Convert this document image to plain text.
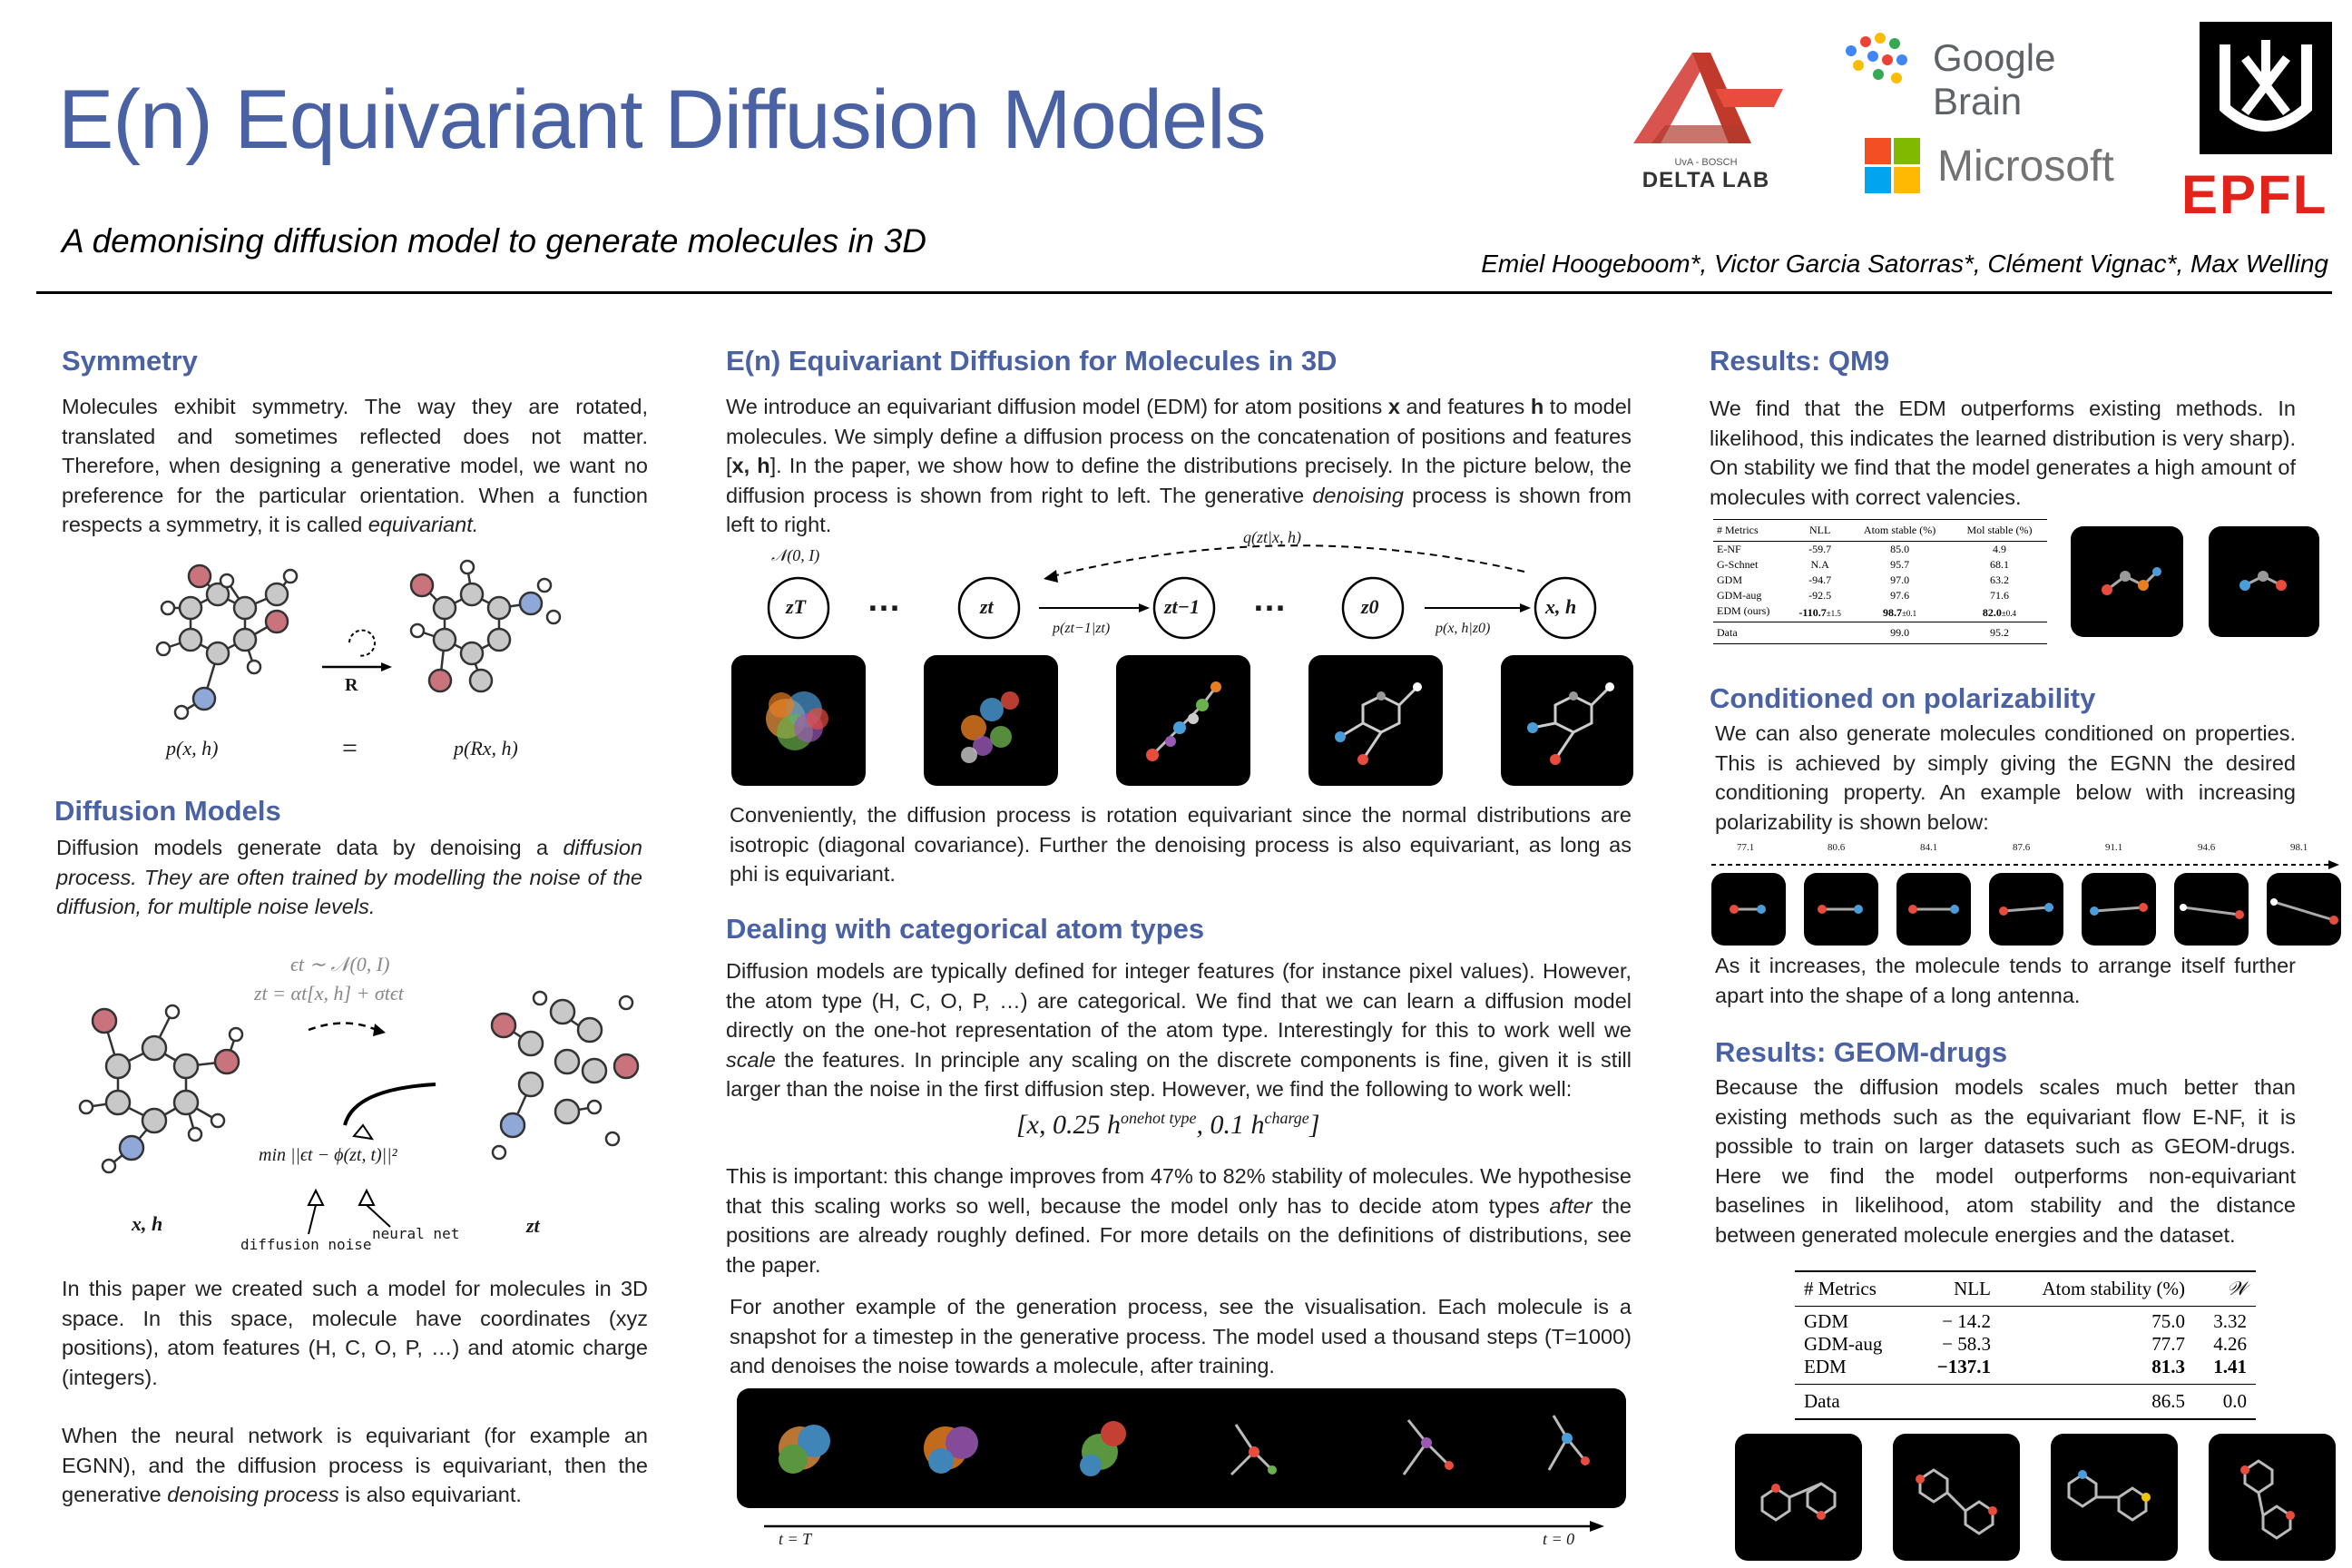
E(n) Equivariant Diffusion Models
A demonising diffusion model to generate molecules in 3D
Emiel Hoogeboom*, Victor Garcia Satorras*, Clément Vignac*, Max Welling
UvA - BOSCH
DELTA LAB
Google Brain
Microsoft EPFL
Symmetry
Molecules exhibit symmetry. The way they are rotated, translated and sometimes reflected does not matter. Therefore, when designing a generative model, we want no preference for the particular orientation. When a function respects a symmetry, it is called equivariant.
R
p(x, h)	=	p(Rx, h)
Diffusion Models
Diffusion models generate data by denoising a diffusion process. They are often trained by modelling the noise of the diffusion, for multiple noise levels.
ϵt ∼ 𝒩(0, I)
zt = αt[x, h] + σtϵt
min ||ϵt − ϕ(zt, t)||²
x, h	zt
diffusion noise
neural net
In this paper we created such a model for molecules in 3D space. In this space, molecule have coordinates (xyz positions), atom features (H, C, O, P, …) and atomic charge (integers).
When the neural network is equivariant (for example an EGNN), and the diffusion process is equivariant, then the generative denoising process is also equivariant.
E(n) Equivariant Diffusion for Molecules in 3D
We introduce an equivariant diffusion model (EDM) for atom positions x and features h to model molecules. We simply define a diffusion process on the concatenation of positions and features [x, h]. In the paper, we show how to define the distributions precisely. In the picture below, the diffusion process is shown from right to left. The generative denoising process is shown from left to right.
𝒩(0, I)
q(zt|x, h)
zT …	zt	zt−1 …	z0	x, h
p(zt−1|zt)	p(x, h|z0)
Conveniently, the diffusion process is rotation equivariant since the normal distributions are isotropic (diagonal covariance). Further the denoising process is also equivariant, as long as phi is equivariant.
Dealing with categorical atom types
Diffusion models are typically defined for integer features (for instance pixel values). However, the atom type (H, C, O, P, …) are categorical. We find that we can learn a diffusion model directly on the one-hot representation of the atom type. Interestingly for this to work well we scale the features. In principle any scaling on the discrete components is fine, given it is still larger than the noise in the first diffusion step. However, we find the following to work well:
[x, 0.25 $h^{onehot type}$, 0.1 $h^{charge}$]
This is important: this change improves from 47% to 82% stability of molecules. We hypothesise that this scaling works so well, because the model only has to decide atom types after the positions are already roughly defined. For more details on the definitions of distributions, see the paper.
For another example of the generation process, see the visualisation. Each molecule is a snapshot for a timestep in the generative process. The model used a thousand steps (T=1000) and denoises the noise towards a molecule, after training.
t = T	t = 0
Results: QM9
We find that the EDM outperforms existing methods. In likelihood, this indicates the learned distribution is very sharp). On stability we find that the model generates a high amount of molecules with correct valencies.
# Metrics	NLL	Atom stable (%)	Mol stable (%)
E-NF	-59.7	85.0	4.9
G-Schnet	N.A	95.7	68.1
GDM	-94.7	97.0	63.2
GDM-aug	-92.5	97.6	71.6
EDM (ours)	-110.7±1.5	98.7±0.1	82.0±0.4
Data		99.0	95.2
Conditioned on polarizability
We can also generate molecules conditioned on properties. This is achieved by simply giving the EGNN the desired conditioning property. An example below with increasing polarizability is shown below:
77.1	80.6	84.1	87.6	91.1	94.6	98.1
As it increases, the molecule tends to arrange itself further apart into the shape of a long antenna.
Results: GEOM-drugs
Because the diffusion models scales much better than existing methods such as the equivariant flow E-NF, it is possible to train on larger datasets such as GEOM-drugs. Here we find the model outperforms non-equivariant baselines in likelihood, atom stability and the distance between generated molecule energies and the dataset.
# Metrics	NLL	Atom stability (%)	𝒲
GDM	− 14.2	75.0	3.32
GDM-aug	− 58.3	77.7	4.26
EDM	−137.1	81.3	1.41
Data		86.5	0.0
